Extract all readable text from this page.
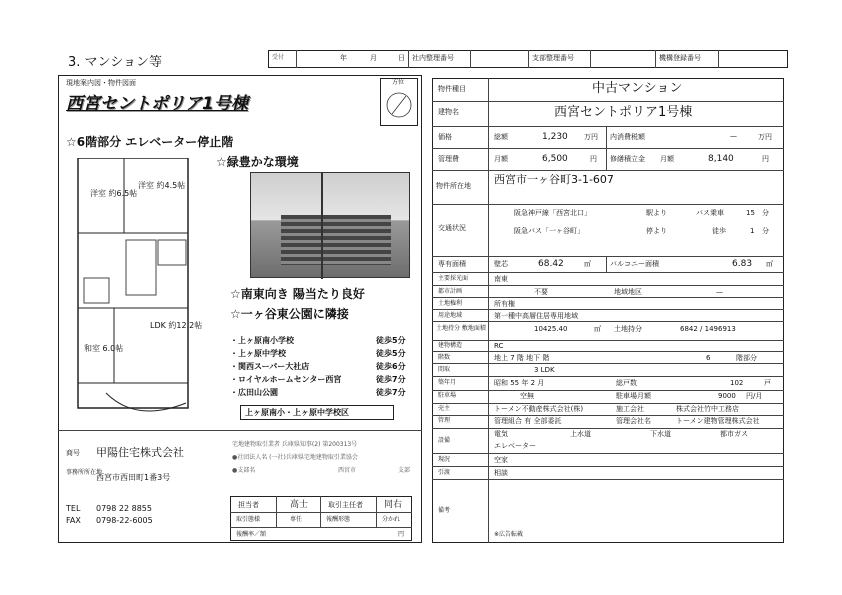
3. マンション等	受付	年	月	日 社内整理番号	支部整理番号	機構登録番号
現地案内図・物件図面	方位
西宮セントポリア1号棟
☆6階部分 エレベーター停止階
☆緑豊かな環境
洋室 約6.5帖
洋室 約4.5帖
和室 6.0帖
LDK 約12.2帖
☆南東向き 陽当たり良好
☆一ヶ谷東公園に隣接
・上ヶ原南小学校	徒歩5分
・上ヶ原中学校	徒歩5分
・関西スーパー大社店	徒歩6分
・ロイヤルホームセンター西宮	徒歩7分
・広田山公園	徒歩7分
上ヶ原南小・上ヶ原中学校区
商号 甲陽住宅株式会社
事務所所在地
西宮市西田町1番3号
TEL 0798 22 8855
FAX 0798-22-6005
宅地建物取引業者 兵庫県知事(2) 第200313号
●社団法人名 (一社)兵庫県宅地建物取引業協会
●支部名	西宮市	支部
担当者	高士	取引主任者 同右
取引態様	専任	報酬形態	分かれ
報酬率／額	円
物件種目	中古マンション
建物名	西宮セントポリア1号棟
価格	総額	1,230 万円 内消費税額	—	万円
管理費	月額	6,500	円 修繕積立金 月額	8,140	円
物件所在地 西宮市一ヶ谷町3-1-607
交通状況
阪急神戸線「西宮北口」	駅より	バス乗車	15 分
阪急バス「一ヶ谷町」	停より	徒歩	1 分
専有面積	壁芯	68.42	㎡	バルコニー面積	6.83 ㎡
主要採光面	南東
都市計画	不要	地域地区	—
土地権利	所有権
用途地域	第一種中高層住居専用地域
土地持分 敷地面積	10425.40	㎡ 土地持分	6842 / 1496913
建物構造	RC
階数	地上 7 階 地下 階	6	階部分
間取	3 LDK
築年月	昭和 55 年 2 月	総戸数	102	戸
駐車場	空無	駐車場月額	9000 円/月
売主	トーメン不動産株式会社(株)	施工会社	株式会社竹中工務店
管理	管理組合 有 全部委託	管理会社名	トーメン建物管理株式会社
設備
電気	上水道	下水道	都市ガス
エレベーター
現況	空家
引渡	相談
備考
※広告転載
